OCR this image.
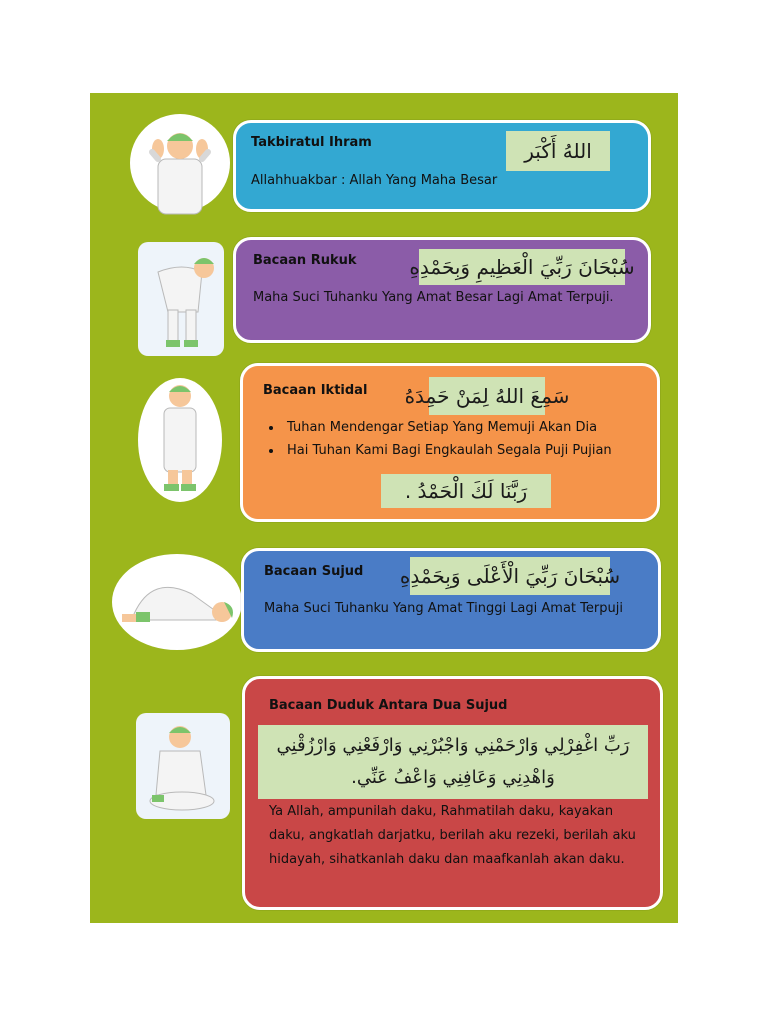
Takbiratul Ihram	اللهُ أَكْبَر
Allahhuakbar : Allah Yang Maha Besar
Bacaan Rukuk	سُبْحَانَ رَبِّيَ الْعَظِيمِ وَبِحَمْدِهِ
Maha Suci Tuhanku Yang Amat Besar Lagi Amat Terpuji.
Bacaan Iktidal سَمِعَ اللهُ لِمَنْ حَمِدَهُ
• Tuhan Mendengar Setiap Yang Memuji Akan Dia
• Hai Tuhan Kami Bagi Engkaulah Segala Puji Pujian
رَبَّنَا لَكَ الْحَمْدُ .
Bacaan Sujud سُبْحَانَ رَبِّيَ الْأَعْلَى وَبِحَمْدِهِ
Maha Suci Tuhanku Yang Amat Tinggi Lagi Amat Terpuji
Bacaan Duduk Antara Dua Sujud
رَبِّ اغْفِرْلِي وَارْحَمْنِي وَاجْبُرْنِي وَارْفَعْنِي وَارْزُقْنِي
وَاهْدِنِي وَعَافِنِي وَاعْفُ عَنِّي.
Ya Allah, ampunilah daku, Rahmatilah daku, kayakan daku, angkatlah darjatku, berilah aku rezeki, berilah aku hidayah, sihatkanlah daku dan maafkanlah akan daku.
